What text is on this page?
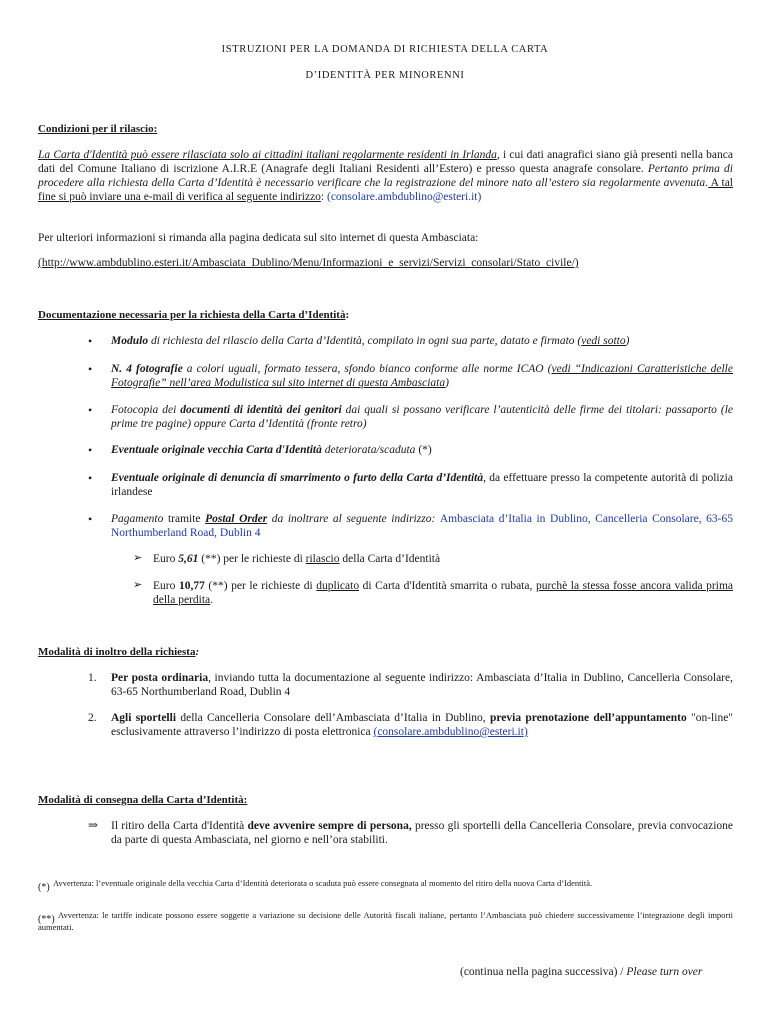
ISTRUZIONI PER LA DOMANDA DI RICHIESTA DELLA CARTA
D’IDENTITÀ PER MINORENNI
Condizioni per il rilascio:
La Carta d'Identità può essere rilasciata solo ai cittadini italiani regolarmente residenti in Irlanda, i cui dati anagrafici siano già presenti nella banca dati del Comune Italiano di iscrizione A.I.R.E (Anagrafe degli Italiani Residenti all’Estero) e presso questa anagrafe consolare. Pertanto prima di procedere alla richiesta della Carta d’Identità è necessario verificare che la registrazione del minore nato all’estero sia regolarmente avvenuta. A tal fine si può inviare una e-mail di verifica al seguente indirizzo: (consolare.ambdublino@esteri.it)
Per ulteriori informazioni si rimanda alla pagina dedicata sul sito internet di questa Ambasciata:
(http://www.ambdublino.esteri.it/Ambasciata_Dublino/Menu/Informazioni_e_servizi/Servizi_consolari/Stato_civile/)
Documentazione necessaria per la richiesta della Carta d’Identità:
• Modulo di richiesta del rilascio della Carta d’Identità, compilato in ogni sua parte, datato e firmato (vedi sotto)
• N. 4 fotografie a colori uguali, formato tessera, sfondo bianco conforme alle norme ICAO (vedi “Indicazioni Caratteristiche delle Fotografie” nell’area Modulistica sul sito internet di questa Ambasciata)
• Fotocopia dei documenti di identità dei genitori dai quali si possano verificare l’autenticità delle firme dei titolari: passaporto (le prime tre pagine) oppure Carta d’Identità (fronte retro)
• Eventuale originale vecchia Carta d'Identità deteriorata/scaduta (*)
• Eventuale originale di denuncia di smarrimento o furto della Carta d’Identità, da effettuare presso la competente autorità di polizia irlandese
• Pagamento tramite Postal Order da inoltrare al seguente indirizzo: Ambasciata d’Italia in Dublino, Cancelleria Consolare, 63-65 Northumberland Road, Dublin 4
➢ Euro 5,61 (**) per le richieste di rilascio della Carta d’Identità
➢ Euro 10,77 (**) per le richieste di duplicato di Carta d'Identità smarrita o rubata, purchè la stessa fosse ancora valida prima della perdita.
Modalità di inoltro della richiesta:
1. Per posta ordinaria, inviando tutta la documentazione al seguente indirizzo: Ambasciata d’Italia in Dublino, Cancelleria Consolare, 63-65 Northumberland Road, Dublin 4
2. Agli sportelli della Cancelleria Consolare dell’Ambasciata d’Italia in Dublino, previa prenotazione dell’appuntamento "on-line" esclusivamente attraverso l’indirizzo di posta elettronica (consolare.ambdublino@esteri.it)
Modalità di consegna della Carta d’Identità:
⇒ Il ritiro della Carta d'Identità deve avvenire sempre di persona, presso gli sportelli della Cancelleria Consolare, previa convocazione da parte di questa Ambasciata, nel giorno e nell’ora stabiliti.
(*) Avvertenza: l’eventuale originale della vecchia Carta d’Identità deteriorata o scaduta può essere consegnata al momento del ritiro della nuova Carta d’Identità.
(**) Avvertenza: le tariffe indicate possono essere soggette a variazione su decisione delle Autorità fiscali italiane, pertanto l’Ambasciata può chiedere successivamente l’integrazione degli importi aumentati.
(continua nella pagina successiva) / Please turn over
